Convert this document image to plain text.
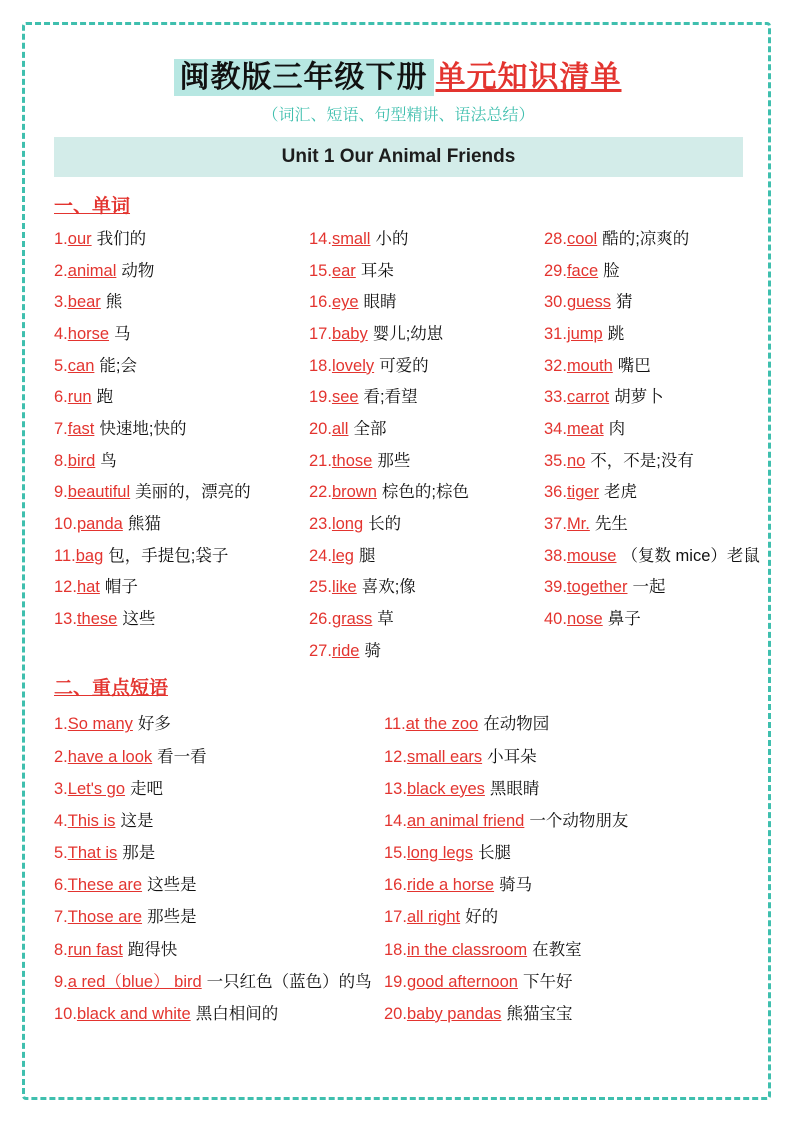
闽教版三年级下册 单元知识清单
（词汇、短语、句型精讲、语法总结）
Unit 1 Our Animal Friends
一、单词
1.our 我们的
2.animal 动物
3.bear 熊
4.horse 马
5.can 能;会
6.run 跑
7.fast 快速地;快的
8.bird 鸟
9.beautiful 美丽的，漂亮的
10.panda 熊猫
11.bag 包，手提包;袋子
12.hat 帽子
13.these 这些
14.small 小的
15.ear 耳朵
16.eye 眼睛
17.baby 婴儿;幼崽
18.lovely 可爱的
19.see 看;看望
20.all 全部
21.those 那些
22.brown 棕色的;棕色
23.long 长的
24.leg 腿
25.like 喜欢;像
26.grass 草
27.ride 骑
28.cool 酷的;凉爽的
29.face 脸
30.guess 猜
31.jump 跳
32.mouth 嘴巴
33.carrot 胡萝卜
34.meat 肉
35.no 不，不是;没有
36.tiger 老虎
37.Mr. 先生
38.mouse （复数 mice）老鼠
39.together 一起
40.nose 鼻子
二、重点短语
1.So many 好多
2.have a look 看一看
3.Let's go 走吧
4.This is 这是
5.That is 那是
6.These are 这些是
7.Those are 那些是
8.run fast 跑得快
9.a red（blue） bird 一只红色（蓝色）的鸟
10.black and white 黑白相间的
11.at the zoo 在动物园
12.small ears 小耳朵
13.black eyes 黑眼睛
14.an animal friend 一个动物朋友
15.long legs 长腿
16.ride a horse 骑马
17.all right 好的
18.in the classroom 在教室
19.good afternoon 下午好
20.baby pandas 熊猫宝宝
